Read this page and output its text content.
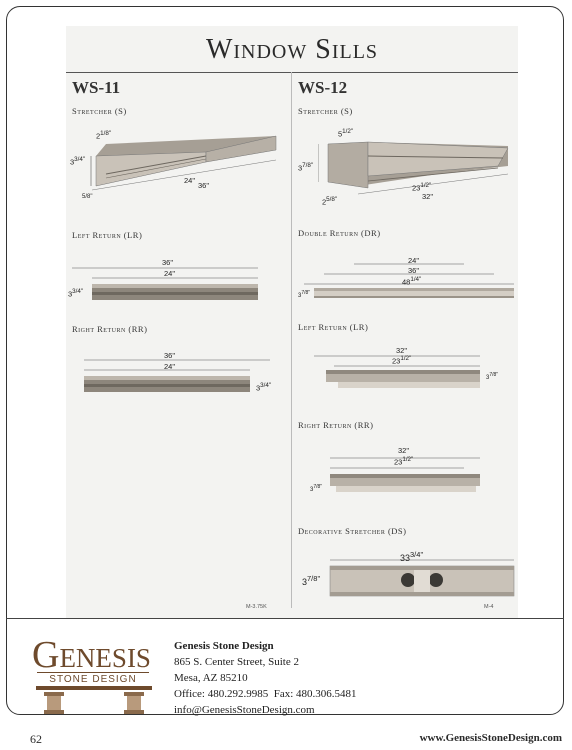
Window Sills
WS-11
Stretcher (S)
$2^{1/8"}$
$3^{3/4"}$
24"
36"
5/8"
Left Return (LR)
36"
24"
$3^{3/4"}$
Right Return (RR)
36"
24"
$3^{3/4"}$
M-3.75K
WS-12
Stretcher (S)
$5^{1/2"}$
$3^{7/8"}$
$23^{1/2"}$
32"
$2^{5/8"}$
Double Return (DR)
24"
36"
$48^{1/4"}$
$3^{7/8"}$
Left Return (LR)
32"
$23^{1/2"}$
$3^{7/8"}$
Right Return (RR)
32"
$23^{1/2"}$
$3^{7/8"}$
Decorative Stretcher (DS)
$33^{3/4"}$
$3^{7/8"}$
M-4
Genesis
STONE DESIGN
Genesis Stone Design
865 S. Center Street, Suite 2
Mesa, AZ 85210
Office: 480.292.9985  Fax: 480.306.5481
info@GenesisStoneDesign.com
62	www.GenesisStoneDesign.com
